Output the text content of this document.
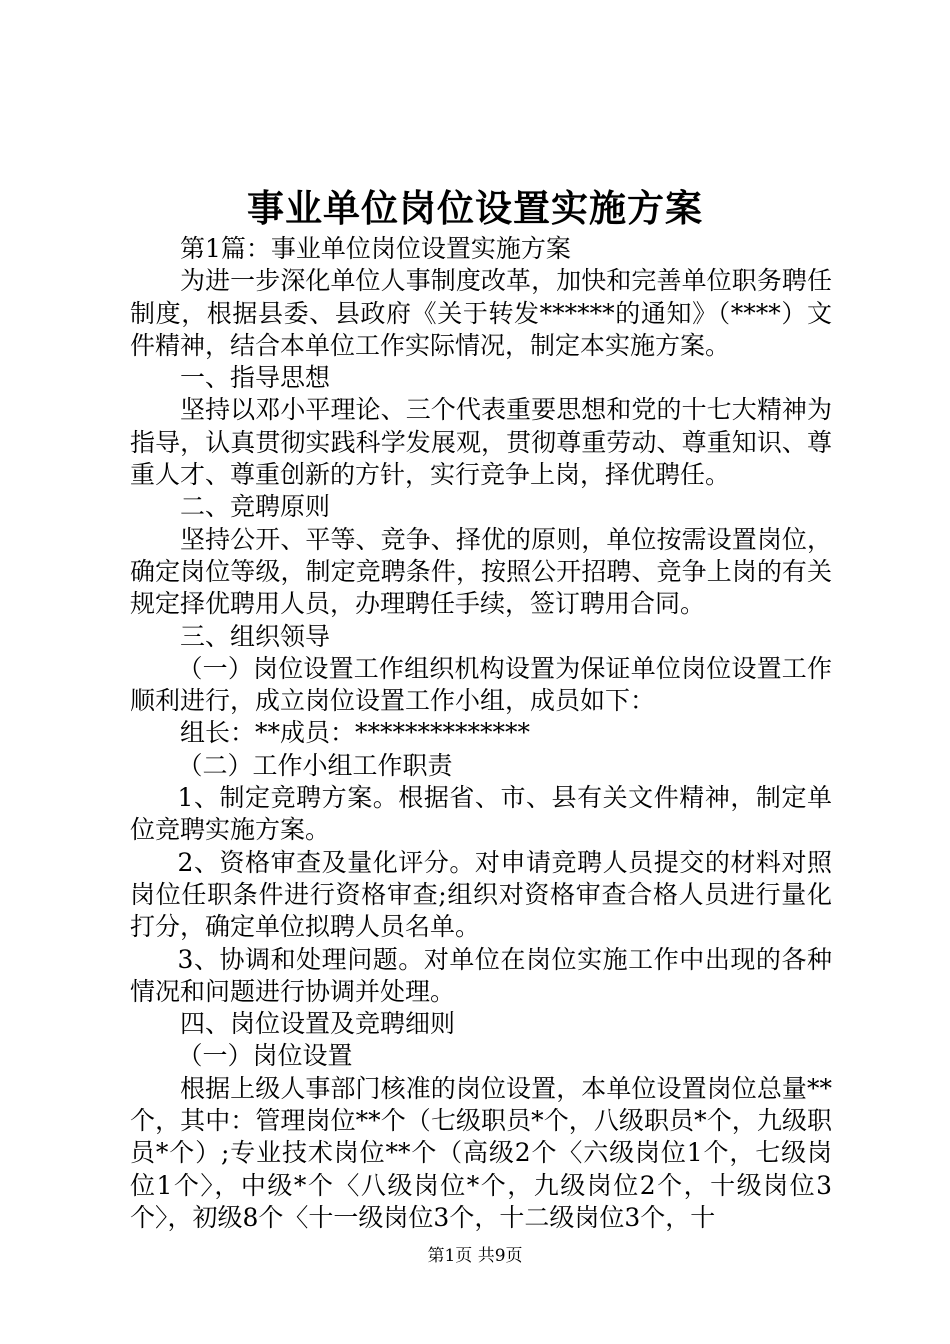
事业单位岗位设置实施方案

第1篇：事业单位岗位设置实施方案

为进一步深化单位人事制度改革，加快和完善单位职务聘任制度，根据县委、县政府《关于转发******的通知》（****）文件精神，结合本单位工作实际情况，制定本实施方案。

一、指导思想

坚持以邓小平理论、三个代表重要思想和党的十七大精神为指导，认真贯彻实践科学发展观，贯彻尊重劳动、尊重知识、尊重人才、尊重创新的方针，实行竞争上岗，择优聘任。

二、竞聘原则

坚持公开、平等、竞争、择优的原则，单位按需设置岗位，确定岗位等级，制定竞聘条件，按照公开招聘、竞争上岗的有关规定择优聘用人员，办理聘任手续，签订聘用合同。

三、组织领导

（一）岗位设置工作组织机构设置为保证单位岗位设置工作顺利进行，成立岗位设置工作小组，成员如下：

组长：**成员：**************

（二）工作小组工作职责

1、制定竞聘方案。根据省、市、县有关文件精神，制定单位竞聘实施方案。

2、资格审查及量化评分。对申请竞聘人员提交的材料对照岗位任职条件进行资格审查;组织对资格审查合格人员进行量化打分，确定单位拟聘人员名单。

3、协调和处理问题。对单位在岗位实施工作中出现的各种情况和问题进行协调并处理。

四、岗位设置及竞聘细则

（一）岗位设置

根据上级人事部门核准的岗位设置，本单位设置岗位总量**个，其中：管理岗位**个（七级职员*个，八级职员*个，九级职员*个）;专业技术岗位**个（高级2个〈六级岗位1个，七级岗位1个〉，中级*个〈八级岗位*个，九级岗位2个，十级岗位3个〉，初级8个〈十一级岗位3个，十二级岗位3个，十

第1页 共9页
